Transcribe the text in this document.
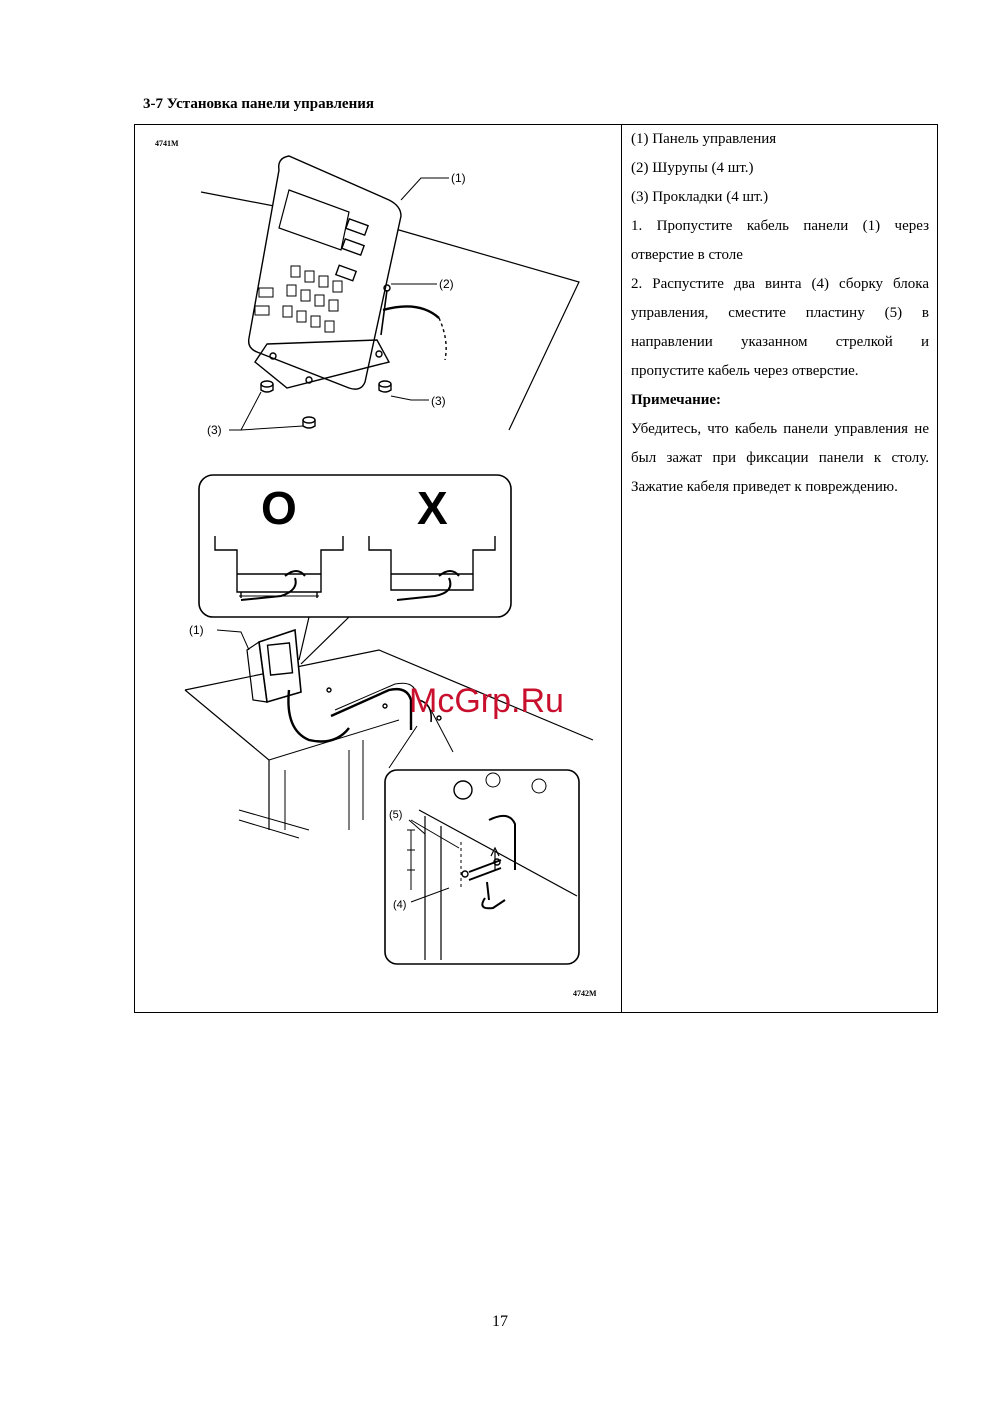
3-7 Установка панели управления
4741M
(1)
(2)
(3)
(3)
O	X
(1)
(5)
(4)
4742M
McGrp.Ru

(1) Панель управления

(2) Шурупы (4 шт.)

(3) Прокладки (4 шт.)

1. Пропустите кабель панели (1) через отверстие в столе

2. Распустите два винта (4) сборку блока управления, сместите пластину (5) в направлении указанном стрелкой и пропустите кабель через отверстие.

Примечание:

Убедитесь, что кабель панели управления не был зажат при фиксации панели к столу. Зажатие кабеля приведет к повреждению.

17
